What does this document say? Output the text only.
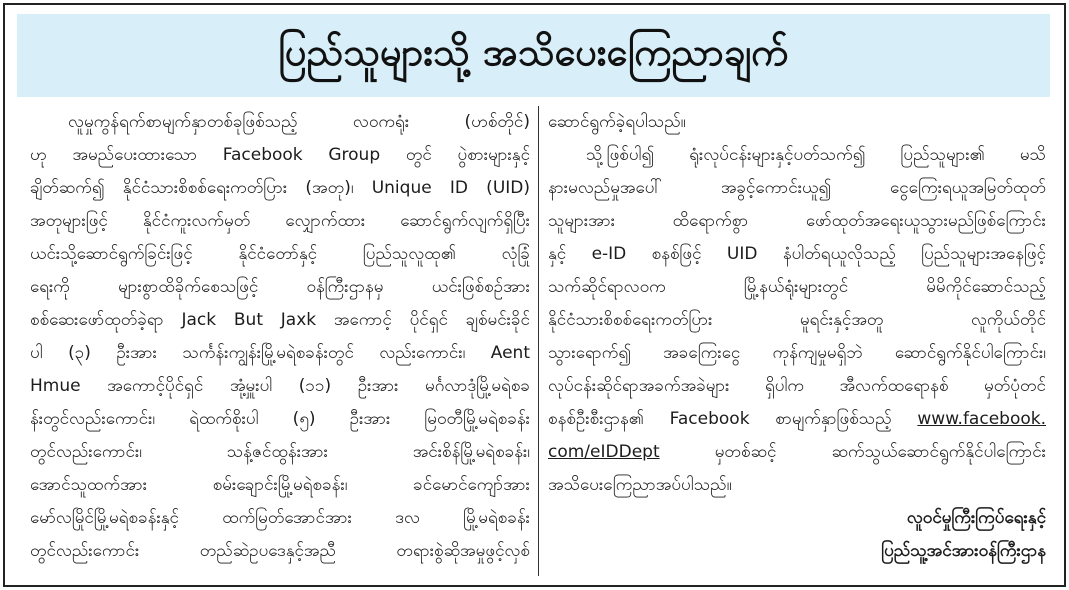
ပြည်သူများသို့ အသိပေးကြေညာချက်
လူမှုကွန်ရက်စာမျက်နှာတစ်ခုဖြစ်သည့် လဝကရုံး (ဟစ်တိုင်)
ဟု အမည်ပေးထားသော Facebook Group တွင် ပွဲစားများနှင့်
ချိတ်ဆက်၍ နိုင်ငံသားစိစစ်ရေးကတ်ပြား (အတု)၊ Unique ID (UID)
အတုများဖြင့် နိုင်ငံကူးလက်မှတ် လျှောက်ထား ဆောင်ရွက်လျက်ရှိပြီး
ယင်းသို့ဆောင်ရွက်ခြင်းဖြင့် နိုင်ငံတော်နှင့် ပြည်သူလူထု၏ လုံခြုံ
ရေးကို များစွာထိခိုက်စေသဖြင့် ဝန်ကြီးဌာနမှ ယင်းဖြစ်စဉ်အား
စစ်ဆေးဖော်ထုတ်ခဲ့ရာ Jack But Jaxk အကောင့် ပိုင်ရှင် ချစ်မင်းခိုင်
ပါ (၃) ဦးအား သင်္ကန်းကျွန်းမြို့မရဲစခန်းတွင် လည်းကောင်း၊ Aent
Hmue အကောင့်ပိုင်ရှင် အုံ့မှူးပါ (၁၁) ဦးအား မင်္ဂလာဒုံမြို့မရဲစခ
န်းတွင်လည်းကောင်း၊ ရဲထက်စိုးပါ (၅) ဦးအား မြဝတီမြို့မရဲစခန်း
တွင်လည်းကောင်း၊ သန့်ဇင်ထွန်းအား အင်းစိန်မြို့မရဲစခန်း၊
အောင်သူထက်အား စမ်းချောင်းမြို့မရဲစခန်း၊ ခင်မောင်ကျော်အား
မော်လမြိုင်မြို့မရဲစခန်းနှင့် ထက်မြတ်အောင်အား ဒလ မြို့မရဲစခန်း
တွင်လည်းကောင်း တည်ဆဲဥပဒေနှင့်အညီ တရားစွဲဆိုအမှုဖွင့်လှစ်
ဆောင်ရွက်ခဲ့ရပါသည်။
သို့ဖြစ်ပါ၍ ရုံးလုပ်ငန်းများနှင့်ပတ်သက်၍ ပြည်သူများ၏ မသိ
နားမလည်မှုအပေါ် အခွင့်ကောင်းယူ၍ ငွေကြေးရယူအမြတ်ထုတ်
သူများအား ထိရောက်စွာ ဖော်ထုတ်အရေးယူသွားမည်ဖြစ်ကြောင်း
နှင့် e-ID စနစ်ဖြင့် UID နံပါတ်ရယူလိုသည့် ပြည်သူများအနေဖြင့်
သက်ဆိုင်ရာလဝက မြို့နယ်ရုံးများတွင် မိမိကိုင်ဆောင်သည့်
နိုင်ငံသားစိစစ်ရေးကတ်ပြား မူရင်းနှင့်အတူ လူကိုယ်တိုင်
သွားရောက်၍ အခကြေးငွေ ကုန်ကျမှုမရှိဘဲ ဆောင်ရွက်နိုင်ပါကြောင်း၊
လုပ်ငန်းဆိုင်ရာအခက်အခဲများ ရှိပါက အီလက်ထရောနစ် မှတ်ပုံတင်
စနစ်ဦးစီးဌာန၏ Facebook စာမျက်နှာဖြစ်သည့် www.facebook.
com/eIDDept မှတစ်ဆင့် ဆက်သွယ်ဆောင်ရွက်နိုင်ပါကြောင်း
အသိပေးကြေညာအပ်ပါသည်။
လူဝင်မှုကြီးကြပ်ရေးနှင့်
ပြည်သူ့အင်အားဝန်ကြီးဌာန
